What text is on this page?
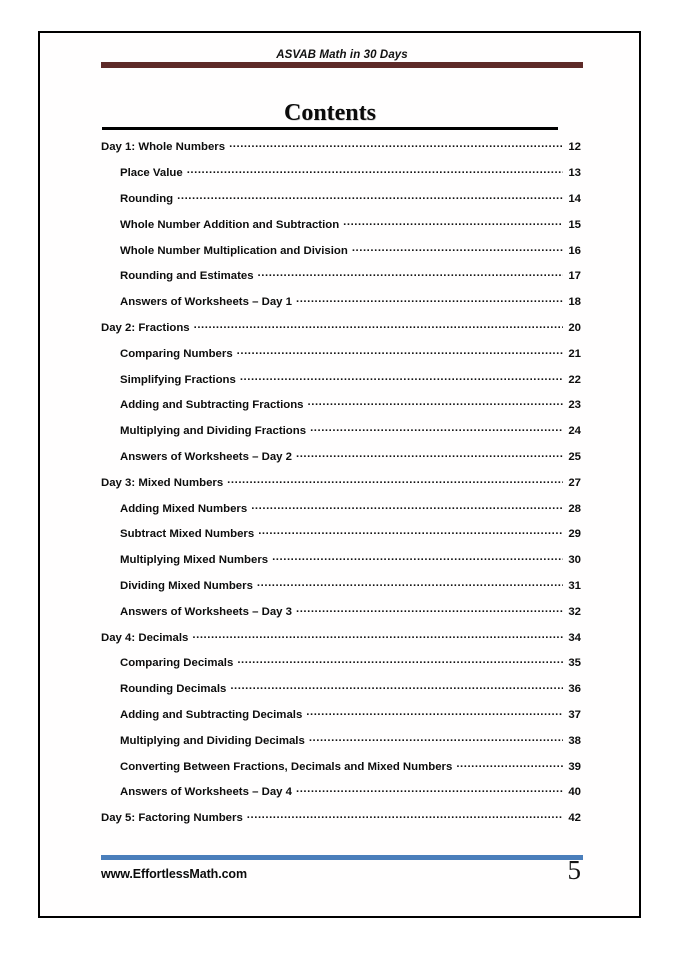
ASVAB Math in 30 Days
Contents
Day 1: Whole Numbers .....	12
Place Value .....	13
Rounding .....	14
Whole Number Addition and Subtraction .....	15
Whole Number Multiplication and Division .....	16
Rounding and Estimates .....	17
Answers of Worksheets – Day 1 .....	18
Day 2: Fractions .....	20
Comparing Numbers .....	21
Simplifying Fractions .....	22
Adding and Subtracting Fractions .....	23
Multiplying and Dividing Fractions .....	24
Answers of Worksheets – Day 2 .....	25
Day 3: Mixed Numbers .....	27
Adding Mixed Numbers .....	28
Subtract Mixed Numbers .....	29
Multiplying Mixed Numbers .....	30
Dividing Mixed Numbers .....	31
Answers of Worksheets – Day 3 .....	32
Day 4: Decimals .....	34
Comparing Decimals .....	35
Rounding Decimals .....	36
Adding and Subtracting Decimals .....	37
Multiplying and Dividing Decimals .....	38
Converting Between Fractions, Decimals and Mixed Numbers .....	39
Answers of Worksheets – Day 4 .....	40
Day 5: Factoring Numbers .....	42
www.EffortlessMath.com	5
